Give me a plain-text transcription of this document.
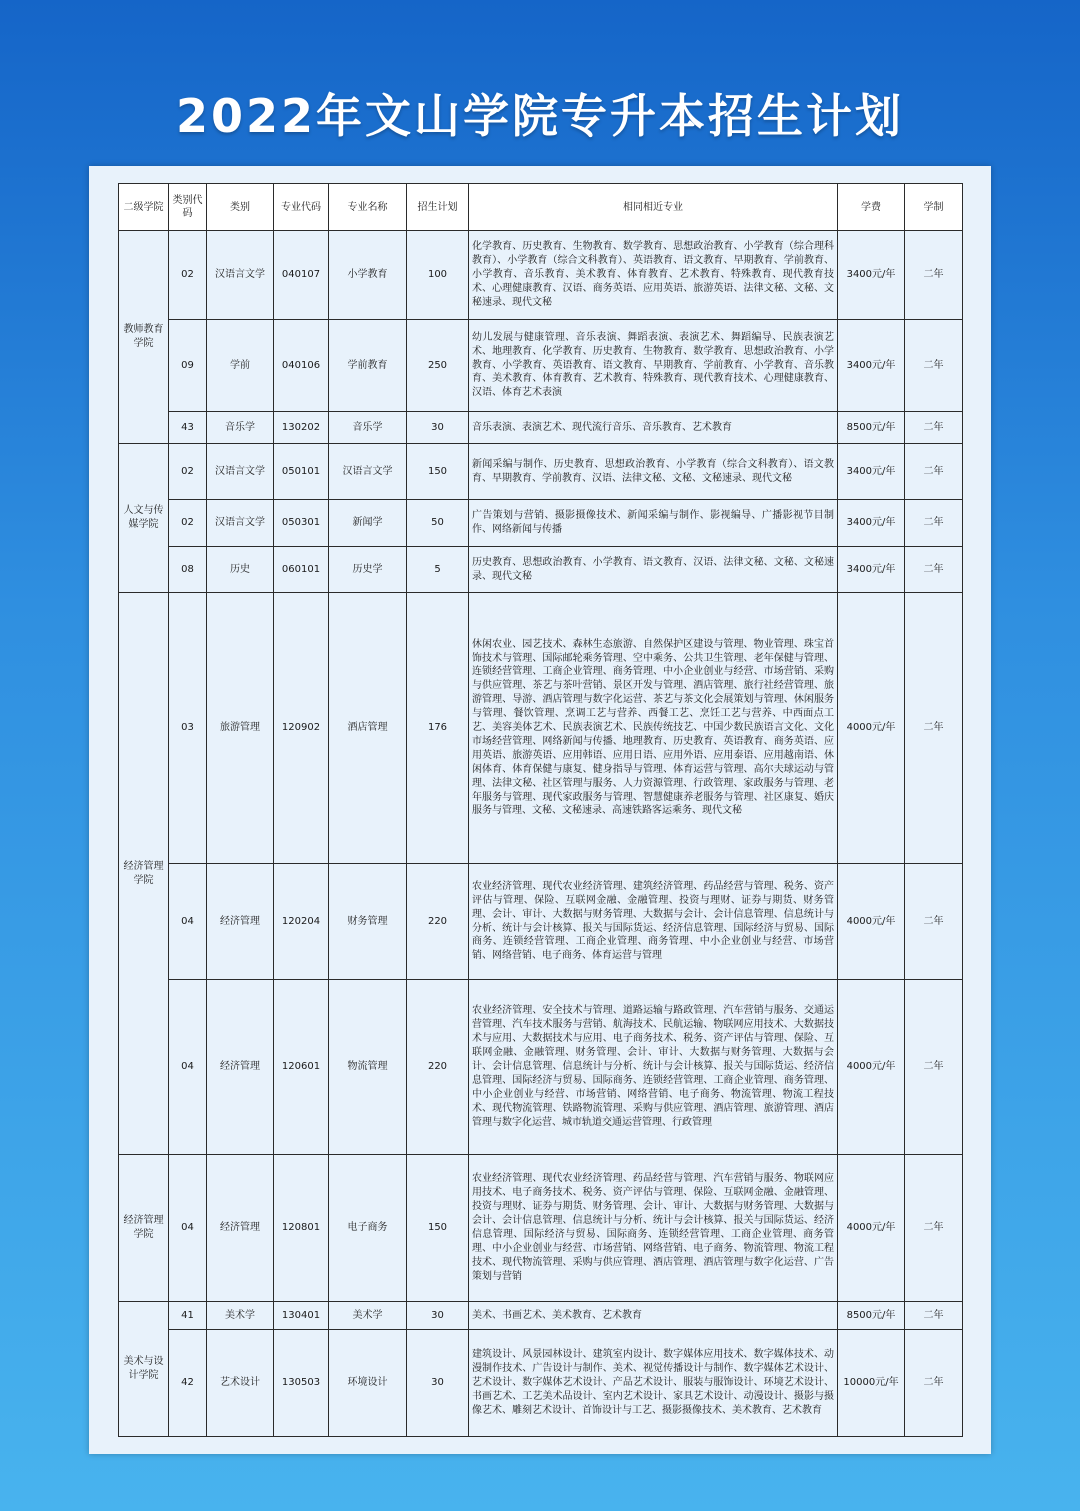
2022年文山学院专升本招生计划
二级学院	类别代码	类别	专业代码	专业名称	招生计划	相同相近专业	学费	学制
教师教育学院	02	汉语言文学	040107	小学教育	100	化学教育、历史教育、生物教育、数学教育、思想政治教育、小学教育（综合理科教育）、小学教育（综合文科教育）、英语教育、语文教育、早期教育、学前教育、小学教育、音乐教育、美术教育、体育教育、艺术教育、特殊教育、现代教育技术、心理健康教育、汉语、商务英语、应用英语、旅游英语、法律文秘、文秘、文秘速录、现代文秘	3400元/年	二年
	09	学前	040106	学前教育	250	幼儿发展与健康管理、音乐表演、舞蹈表演、表演艺术、舞蹈编导、民族表演艺术、地理教育、化学教育、历史教育、生物教育、数学教育、思想政治教育、小学教育、小学教育、英语教育、语文教育、早期教育、学前教育、小学教育、音乐教育、美术教育、体育教育、艺术教育、特殊教育、现代教育技术、心理健康教育、汉语、体育艺术表演	3400元/年	二年
	43	音乐学	130202	音乐学	30	音乐表演、表演艺术、现代流行音乐、音乐教育、艺术教育	8500元/年	二年
人文与传媒学院	02	汉语言文学	050101	汉语言文学	150	新闻采编与制作、历史教育、思想政治教育、小学教育（综合文科教育）、语文教育、早期教育、学前教育、汉语、法律文秘、文秘、文秘速录、现代文秘	3400元/年	二年
	02	汉语言文学	050301	新闻学	50	广告策划与营销、摄影摄像技术、新闻采编与制作、影视编导、广播影视节目制作、网络新闻与传播	3400元/年	二年
	08	历史	060101	历史学	5	历史教育、思想政治教育、小学教育、语文教育、汉语、法律文秘、文秘、文秘速录、现代文秘	3400元/年	二年
经济管理学院	03	旅游管理	120902	酒店管理	176	休闲农业、园艺技术、森林生态旅游、自然保护区建设与管理、物业管理、珠宝首饰技术与管理、国际邮轮乘务管理、空中乘务、公共卫生管理、老年保健与管理、连锁经营管理、工商企业管理、商务管理、中小企业创业与经营、市场营销、采购与供应管理、茶艺与茶叶营销、景区开发与管理、酒店管理、旅行社经营管理、旅游管理、导游、酒店管理与数字化运营、茶艺与茶文化会展策划与管理、休闲服务与管理、餐饮管理、烹调工艺与营养、西餐工艺、烹饪工艺与营养、中西面点工艺、美容美体艺术、民族表演艺术、民族传统技艺、中国少数民族语言文化、文化市场经营管理、网络新闻与传播、地理教育、历史教育、英语教育、商务英语、应用英语、旅游英语、应用韩语、应用日语、应用外语、应用泰语、应用越南语、休闲体育、体育保健与康复、健身指导与管理、体育运营与管理、高尔夫球运动与管理、法律文秘、社区管理与服务、人力资源管理、行政管理、家政服务与管理、老年服务与管理、现代家政服务与管理、智慧健康养老服务与管理、社区康复、婚庆服务与管理、文秘、文秘速录、高速铁路客运乘务、现代文秘	4000元/年	二年
	04	经济管理	120204	财务管理	220	农业经济管理、现代农业经济管理、建筑经济管理、药品经营与管理、税务、资产评估与管理、保险、互联网金融、金融管理、投资与理财、证券与期货、财务管理、会计、审计、大数据与财务管理、大数据与会计、会计信息管理、信息统计与分析、统计与会计核算、报关与国际货运、经济信息管理、国际经济与贸易、国际商务、连锁经营管理、工商企业管理、商务管理、中小企业创业与经营、市场营销、网络营销、电子商务、体育运营与管理	4000元/年	二年
	04	经济管理	120601	物流管理	220	农业经济管理、安全技术与管理、道路运输与路政管理、汽车营销与服务、交通运营管理、汽车技术服务与营销、航海技术、民航运输、物联网应用技术、大数据技术与应用、大数据技术与应用、电子商务技术、税务、资产评估与管理、保险、互联网金融、金融管理、财务管理、会计、审计、大数据与财务管理、大数据与会计、会计信息管理、信息统计与分析、统计与会计核算、报关与国际货运、经济信息管理、国际经济与贸易、国际商务、连锁经营管理、工商企业管理、商务管理、中小企业创业与经营、市场营销、网络营销、电子商务、物流管理、物流工程技术、现代物流管理、铁路物流管理、采购与供应管理、酒店管理、旅游管理、酒店管理与数字化运营、城市轨道交通运营管理、行政管理	4000元/年	二年
经济管理学院	04	经济管理	120801	电子商务	150	农业经济管理、现代农业经济管理、药品经营与管理、汽车营销与服务、物联网应用技术、电子商务技术、税务、资产评估与管理、保险、互联网金融、金融管理、投资与理财、证券与期货、财务管理、会计、审计、大数据与财务管理、大数据与会计、会计信息管理、信息统计与分析、统计与会计核算、报关与国际货运、经济信息管理、国际经济与贸易、国际商务、连锁经营管理、工商企业管理、商务管理、中小企业创业与经营、市场营销、网络营销、电子商务、物流管理、物流工程技术、现代物流管理、采购与供应管理、酒店管理、酒店管理与数字化运营、广告策划与营销	4000元/年	二年
美术与设计学院	41	美术学	130401	美术学	30	美术、书画艺术、美术教育、艺术教育	8500元/年	二年
	42	艺术设计	130503	环境设计	30	建筑设计、风景园林设计、建筑室内设计、数字媒体应用技术、数字媒体技术、动漫制作技术、广告设计与制作、美术、视觉传播设计与制作、数字媒体艺术设计、艺术设计、数字媒体艺术设计、产品艺术设计、服装与服饰设计、环境艺术设计、书画艺术、工艺美术品设计、室内艺术设计、家具艺术设计、动漫设计、摄影与摄像艺术、雕刻艺术设计、首饰设计与工艺、摄影摄像技术、美术教育、艺术教育	10000元/年	二年
